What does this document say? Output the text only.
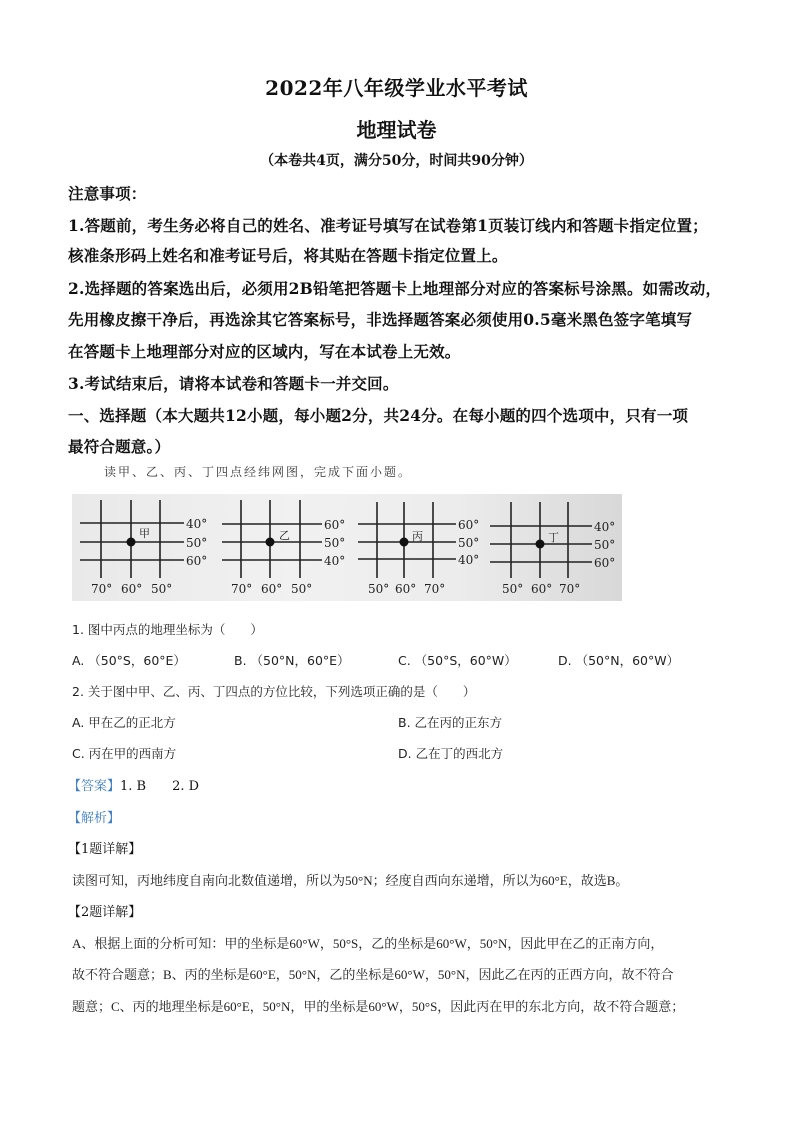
2022年八年级学业水平考试
地理试卷
（本卷共4页，满分50分，时间共90分钟）
注意事项：
1.答题前，考生务必将自己的姓名、准考证号填写在试卷第1页装订线内和答题卡指定位置；
核准条形码上姓名和准考证号后，将其贴在答题卡指定位置上。
2.选择题的答案选出后，必须用2B铅笔把答题卡上地理部分对应的答案标号涂黑。如需改动，
先用橡皮擦干净后，再选涂其它答案标号，非选择题答案必须使用0.5毫米黑色签字笔填写
在答题卡上地理部分对应的区域内，写在本试卷上无效。
3.考试结束后，请将本试卷和答题卡一并交回。
一、选择题（本大题共12小题，每小题2分，共24分。在每小题的四个选项中，只有一项
最符合题意。）
读甲、乙、丙、丁四点经纬网图，完成下面小题。
甲
40°
50°
60°
70° 60° 50°
乙
60°
50°
40°
70° 60° 50°
丙
60°
50°
40°
50° 60° 70°
丁
40°
50°
60°
50° 60° 70°
1. 图中丙点的地理坐标为（　　）
A. （50°S，60°E）	B. （50°N，60°E）	C. （50°S，60°W）	D. （50°N，60°W）
2. 关于图中甲、乙、丙、丁四点的方位比较，下列选项正确的是（　　）
A. 甲在乙的正北方	B. 乙在丙的正东方
C. 丙在甲的西南方	D. 乙在丁的西北方
【答案】1. B　　2. D
【解析】
【1题详解】
读图可知，丙地纬度自南向北数值递增，所以为50°N；经度自西向东递增，所以为60°E，故选B。
【2题详解】
A、根据上面的分析可知：甲的坐标是60°W，50°S，乙的坐标是60°W，50°N，因此甲在乙的正南方向，
故不符合题意；B、丙的坐标是60°E，50°N，乙的坐标是60°W，50°N，因此乙在丙的正西方向，故不符合
题意；C、丙的地理坐标是60°E，50°N，甲的坐标是60°W，50°S，因此丙在甲的东北方向，故不符合题意；
